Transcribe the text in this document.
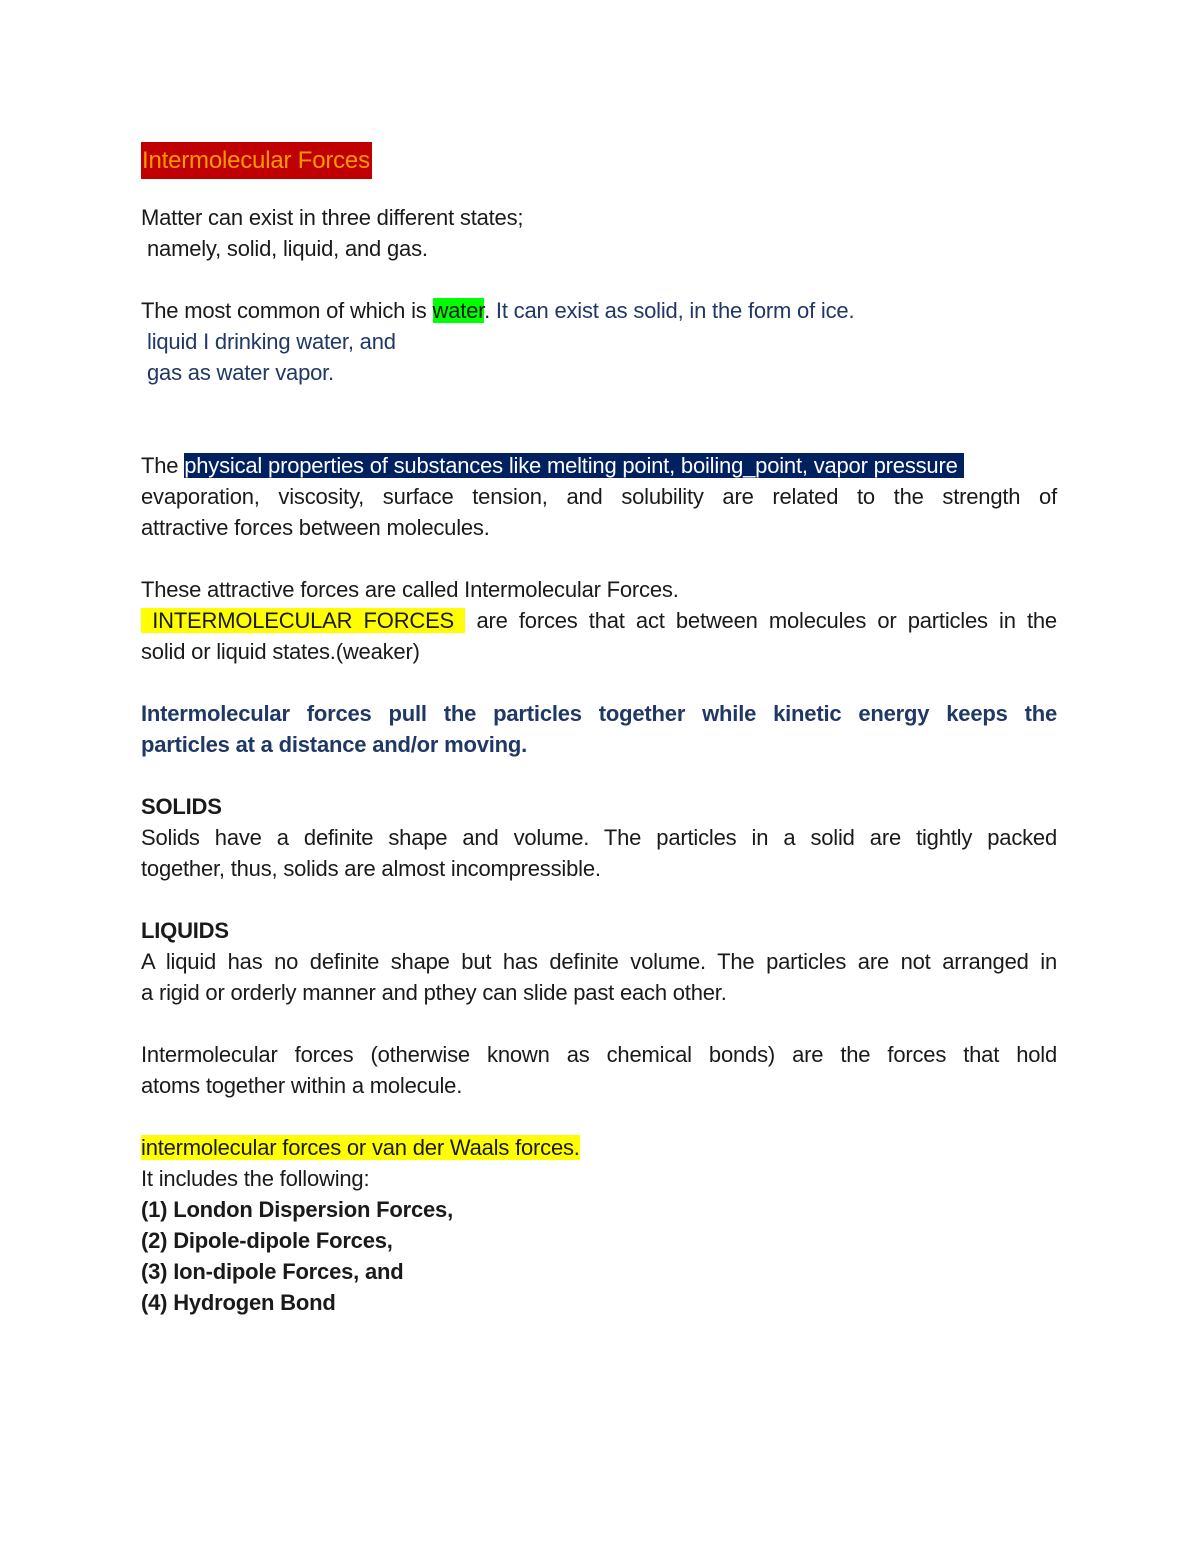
Intermolecular Forces

Matter can exist in three different states;

namely, solid, liquid, and gas.

The most common of which is water. It can exist as solid, in the form of ice.

liquid I drinking water, and

gas as water vapor.

The physical properties of substances like melting point, boiling_point, vapor pressure

evaporation, viscosity, surface tension, and solubility are related to the strength of

attractive forces between molecules.

These attractive forces are called Intermolecular Forces.

INTERMOLECULAR FORCES  are forces that act between molecules or particles in the

solid or liquid states.(weaker)

Intermolecular forces pull the particles together while kinetic energy keeps the

particles at a distance and/or moving.

SOLIDS

Solids have a definite shape and volume. The particles in a solid are tightly packed

together, thus, solids are almost incompressible.

LIQUIDS

A liquid has no definite shape but has definite volume. The particles are not arranged in

a rigid or orderly manner and pthey can slide past each other.

Intermolecular forces (otherwise known as chemical bonds) are the forces that hold

atoms together within a molecule.

intermolecular forces or van der Waals forces.

It includes the following:

(1) London Dispersion Forces,

(2) Dipole-dipole Forces,

(3) Ion-dipole Forces, and

(4) Hydrogen Bond
